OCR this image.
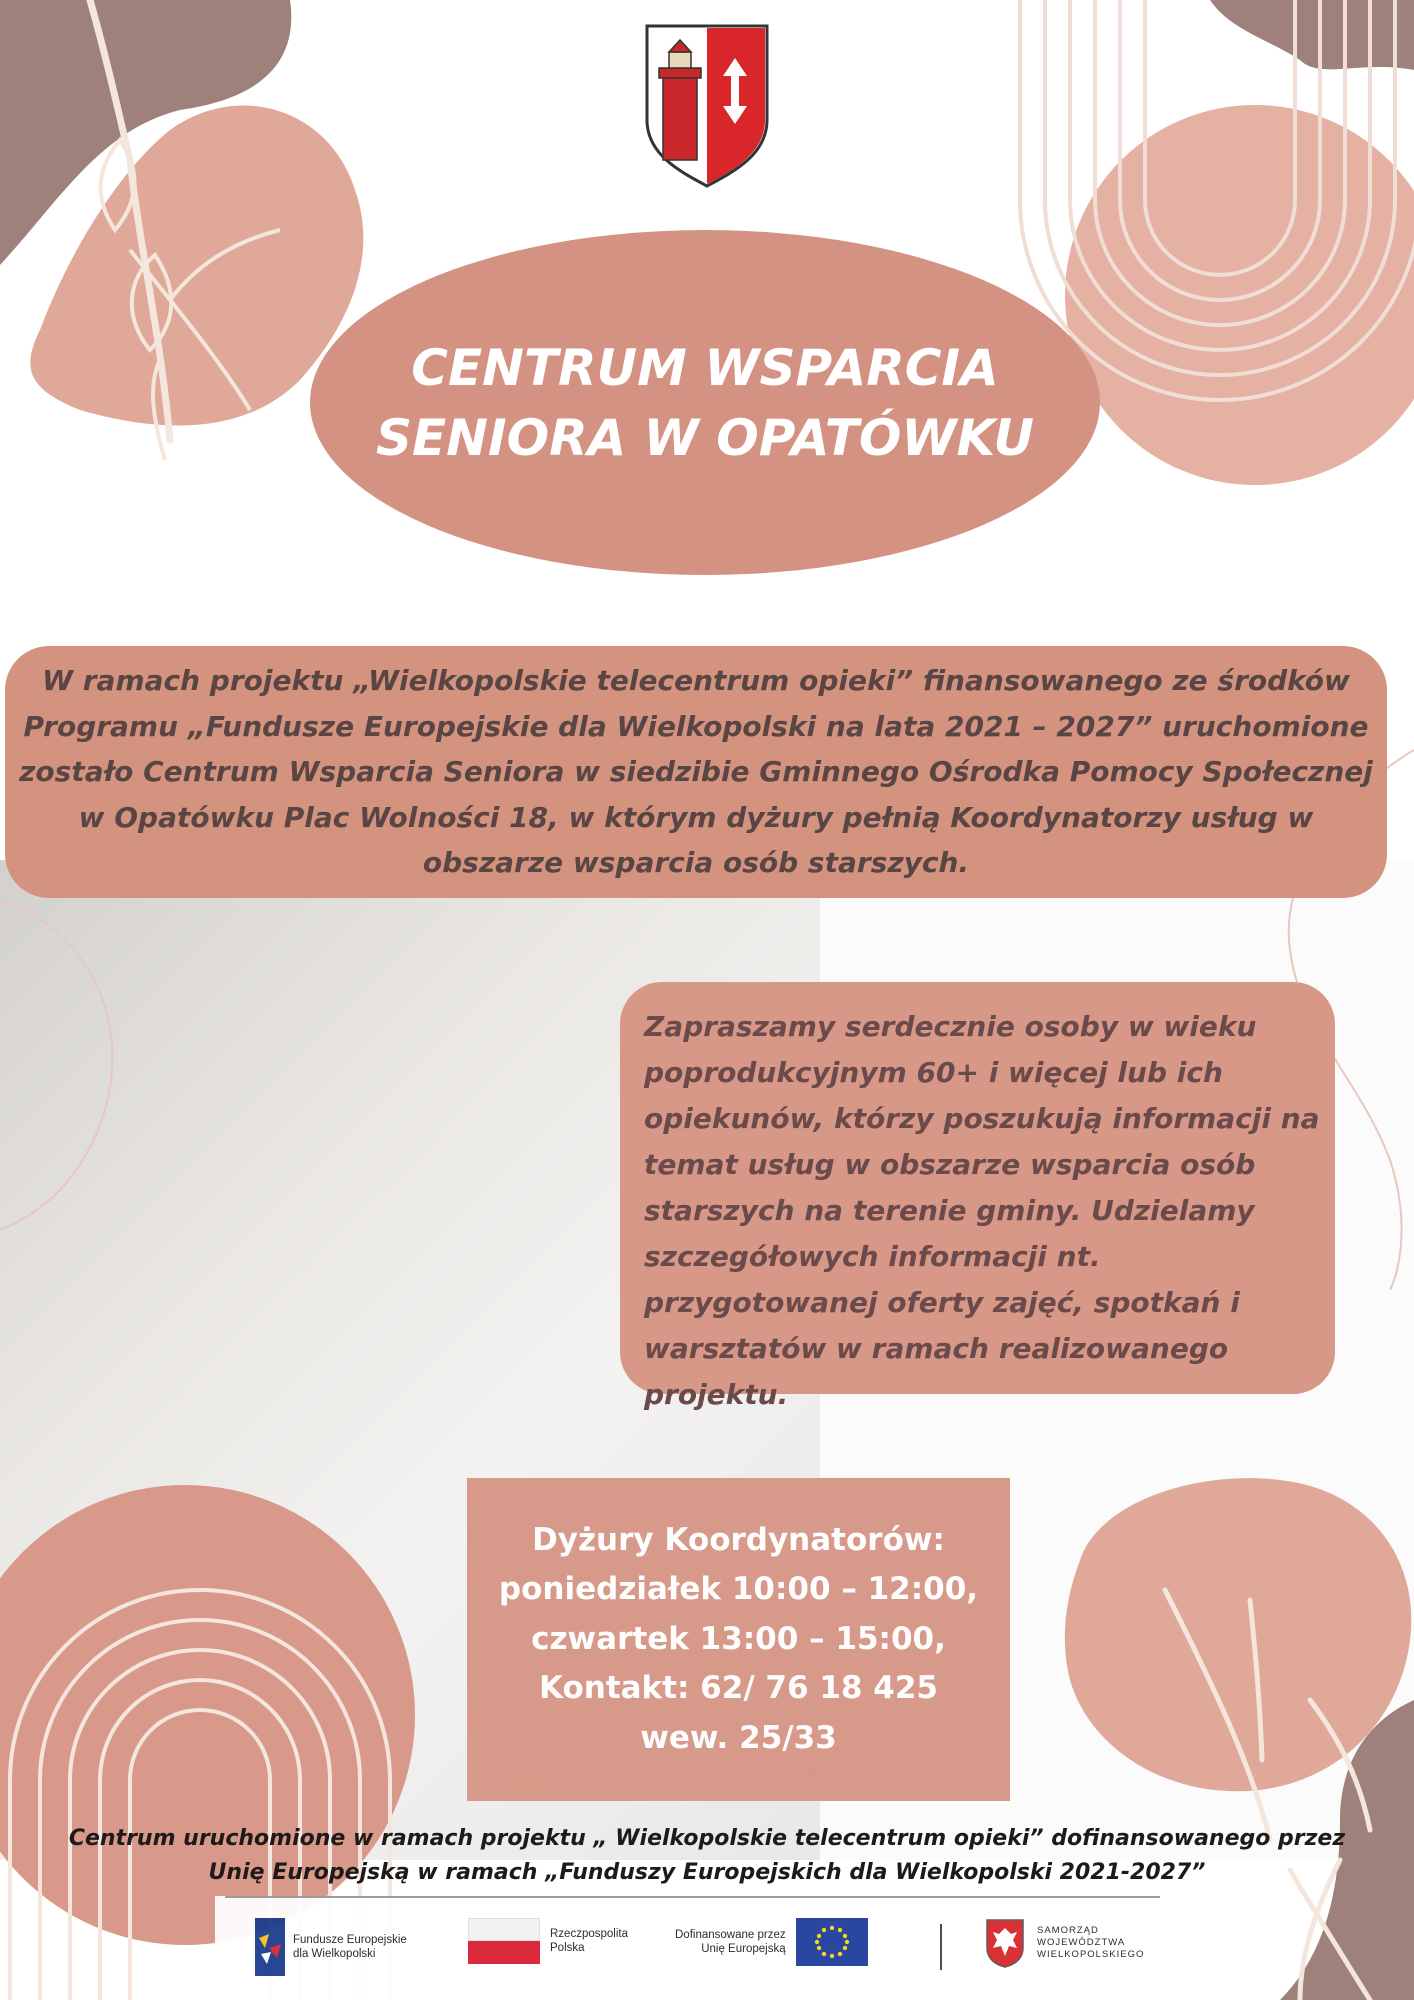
CENTRUM WSPARCIA
SENIORA W OPATÓWKU

W ramach projektu „Wielkopolskie telecentrum opieki” finansowanego ze środków Programu „Fundusze Europejskie dla Wielkopolski na lata 2021 – 2027” uruchomione zostało Centrum Wsparcia Seniora w siedzibie Gminnego Ośrodka Pomocy Społecznej w Opatówku Plac Wolności 18, w którym dyżury pełnią Koordynatorzy usług w obszarze wsparcia osób starszych.

Zapraszamy serdecznie osoby w wieku poprodukcyjnym 60+ i więcej lub ich opiekunów, którzy poszukują informacji na temat usług w obszarze wsparcia osób starszych na terenie gminy. Udzielamy szczegółowych informacji nt. przygotowanej oferty zajęć, spotkań i warsztatów w ramach realizowanego projektu.

Dyżury Koordynatorów:
poniedziałek 10:00 – 12:00,
czwartek 13:00 – 15:00,
Kontakt: 62/ 76 18 425
wew. 25/33

Centrum uruchomione w ramach projektu „ Wielkopolskie telecentrum opieki” dofinansowanego przez
Unię Europejską w ramach „Funduszy Europejskich dla Wielkopolski 2021-2027”

Fundusze Europejskie
dla Wielkopolski
Rzeczpospolita
Polska
Dofinansowane przez
Unię Europejską
SAMORZĄD
WOJEWÓDZTWA
WIELKOPOLSKIEGO
